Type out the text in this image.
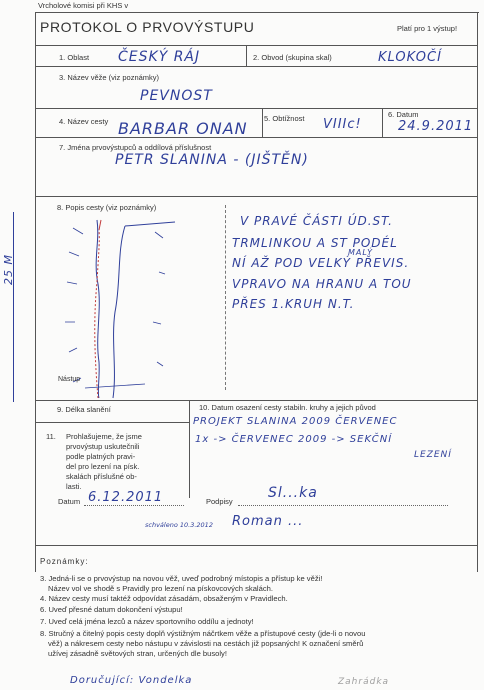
Vrcholové komisi při KHS v
PROTOKOL O PRVOVÝSTUPU	Platí pro 1 výstup!
1. Oblast ČESKÝ RÁJ	2. Obvod (skupina skal)	KLOKOČÍ
3. Název věže (viz poznámky)
PEVNOST
4. Název cesty BARBAR ONAN
5. Obtížnost VIIIc!
6. Datum
24.9.2011
7. Jména prvovýstupců a oddílová příslušnost
PETR SLANINA - (JIŠTĚN)
8. Popis cesty (viz poznámky)
25 M
Nástup
V PRAVÉ ČÁSTI ÚD.ST.
TRMLINKOU A ST PODÉL
NÍ AŽ POD VELKÝ PŘEVIS.
MALÝ
VPRAVO NA HRANU A TOU
PŘES 1.KRUH N.T.
9. Délka slanění	10. Datum osazení cesty stabiln. kruhy a jejich původ
PROJEKT SLANINA 2009 ČERVENEC
1x -> ČERVENEC 2009 -> SEKČNÍ
LEZENÍ
11. Prohlašujeme, že jsme
prvovýstup uskutečnili
podle platných pravi-
del pro lezení na písk.
skalách příslušné ob-
lasti.
Datum 6.12.2011	Podpisy
Sl...ka
schváleno 10.3.2012 Roman ...
Poznámky:
3. Jedná-li se o prvovýstup na novou věž, uveď podrobný místopis a přístup ke věži!
Název vol ve shodě s Pravidly pro lezení na pískovcových skalách.
4. Název cesty musí taktéž odpovídat zásadám, obsaženým v Pravidlech.
6. Uveď přesné datum dokončení výstupu!
7. Uveď celá jména lezců a název sportovního oddílu a jednoty!
8. Stručný a čitelný popis cesty doplň výstižným náčrtkem věže a přístupové cesty (jde-li o novou
věž) a nákresem cesty nebo nástupu v závislosti na cestách již popsaných! K označení směrů
užívej zásadně světových stran, určených dle busoly!
Doručující: Vondelka	Zahrádka
